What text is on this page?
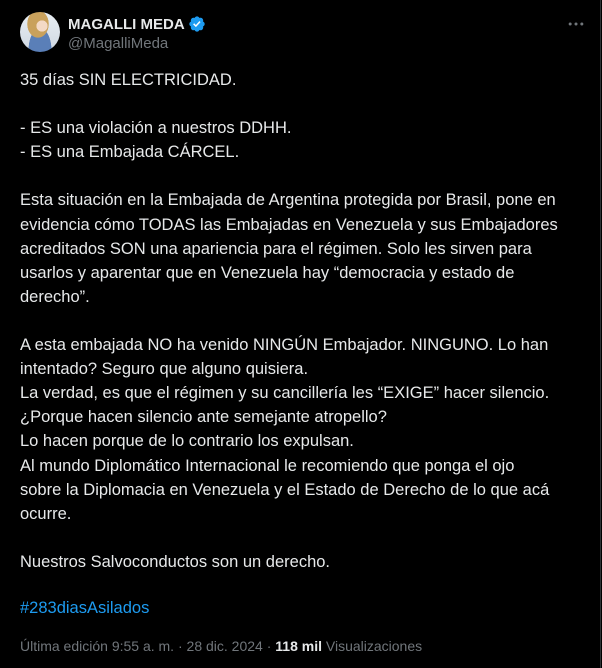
MAGALLI MEDA
@MagalliMeda
35 días SIN ELECTRICIDAD.
- ES una violación a nuestros DDHH.
- ES una Embajada CÁRCEL.
Esta situación en la Embajada de Argentina protegida por Brasil, pone en
evidencia cómo TODAS las Embajadas en Venezuela y sus Embajadores
acreditados SON una apariencia para el régimen. Solo les sirven para
usarlos y aparentar que en Venezuela hay “democracia y estado de
derecho”.
A esta embajada NO ha venido NINGÚN Embajador. NINGUNO. Lo han
intentado? Seguro que alguno quisiera.
La verdad, es que el régimen y su cancillería les “EXIGE” hacer silencio.
¿Porque hacen silencio ante semejante atropello?
Lo hacen porque de lo contrario los expulsan.
Al mundo Diplomático Internacional le recomiendo que ponga el ojo
sobre la Diplomacia en Venezuela y el Estado de Derecho de lo que acá
ocurre.
Nuestros Salvoconductos son un derecho.
#283diasAsilados
Última edición 9:55 a. m. · 28 dic. 2024 · 118 mil Visualizaciones
